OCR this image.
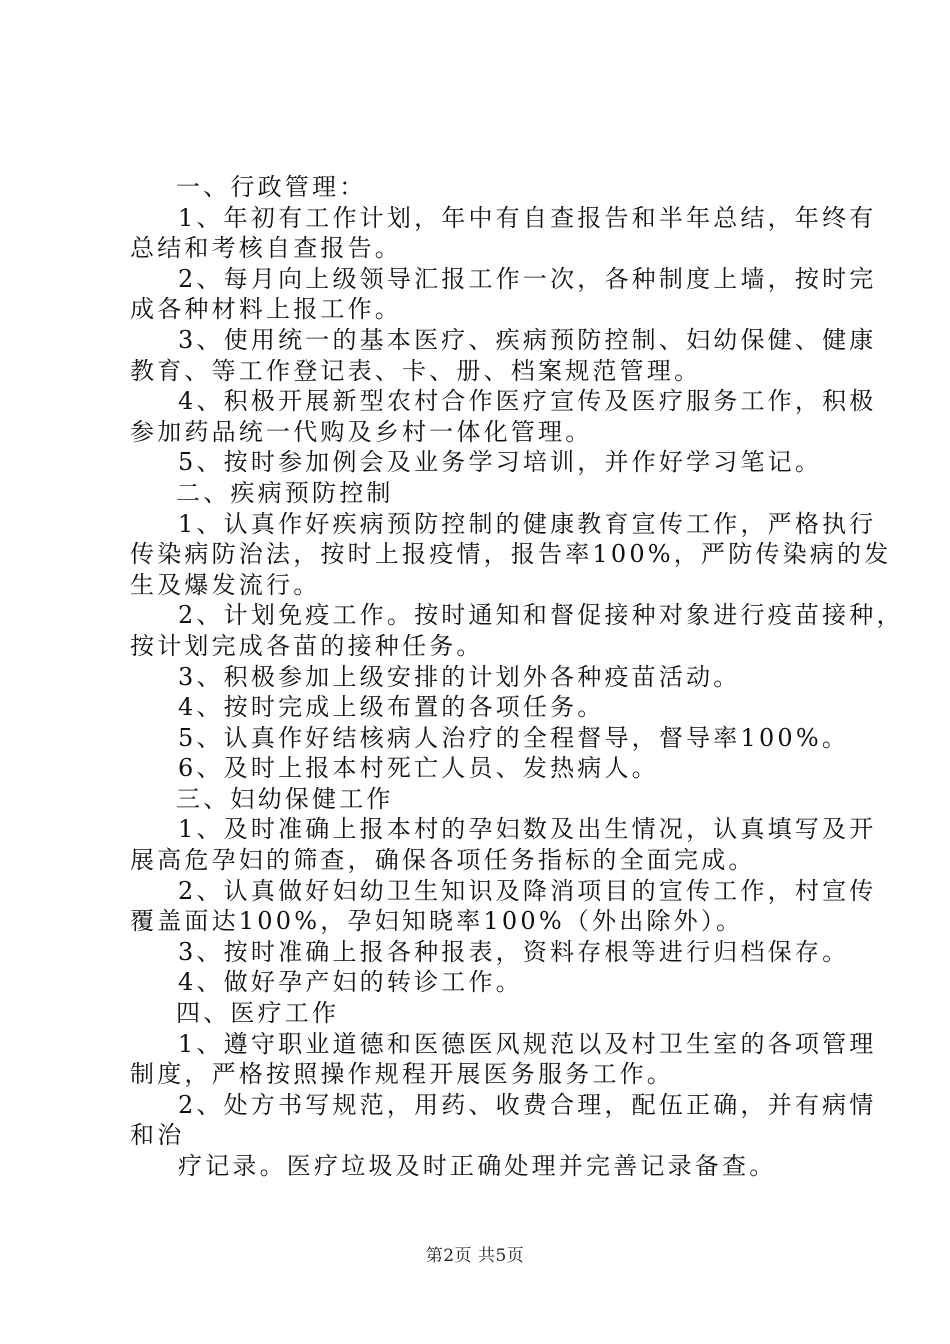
一、行政管理：
1、年初有工作计划，年中有自查报告和半年总结，年终有
总结和考核自查报告。
2、每月向上级领导汇报工作一次，各种制度上墙，按时完
成各种材料上报工作。
3、使用统一的基本医疗、疾病预防控制、妇幼保健、健康
教育、等工作登记表、卡、册、档案规范管理。
4、积极开展新型农村合作医疗宣传及医疗服务工作，积极
参加药品统一代购及乡村一体化管理。
5、按时参加例会及业务学习培训，并作好学习笔记。
二、疾病预防控制
1、认真作好疾病预防控制的健康教育宣传工作，严格执行
传染病防治法，按时上报疫情，报告率100%，严防传染病的发
生及爆发流行。
2、计划免疫工作。按时通知和督促接种对象进行疫苗接种，
按计划完成各苗的接种任务。
3、积极参加上级安排的计划外各种疫苗活动。
4、按时完成上级布置的各项任务。
5、认真作好结核病人治疗的全程督导，督导率100%。
6、及时上报本村死亡人员、发热病人。
三、妇幼保健工作
1、及时准确上报本村的孕妇数及出生情况，认真填写及开
展高危孕妇的筛查，确保各项任务指标的全面完成。
2、认真做好妇幼卫生知识及降消项目的宣传工作，村宣传
覆盖面达100%，孕妇知晓率100%（外出除外）。
3、按时准确上报各种报表，资料存根等进行归档保存。
4、做好孕产妇的转诊工作。
四、医疗工作
1、遵守职业道德和医德医风规范以及村卫生室的各项管理
制度，严格按照操作规程开展医务服务工作。
2、处方书写规范，用药、收费合理，配伍正确，并有病情
和治
疗记录。医疗垃圾及时正确处理并完善记录备查。
第2页 共5页
